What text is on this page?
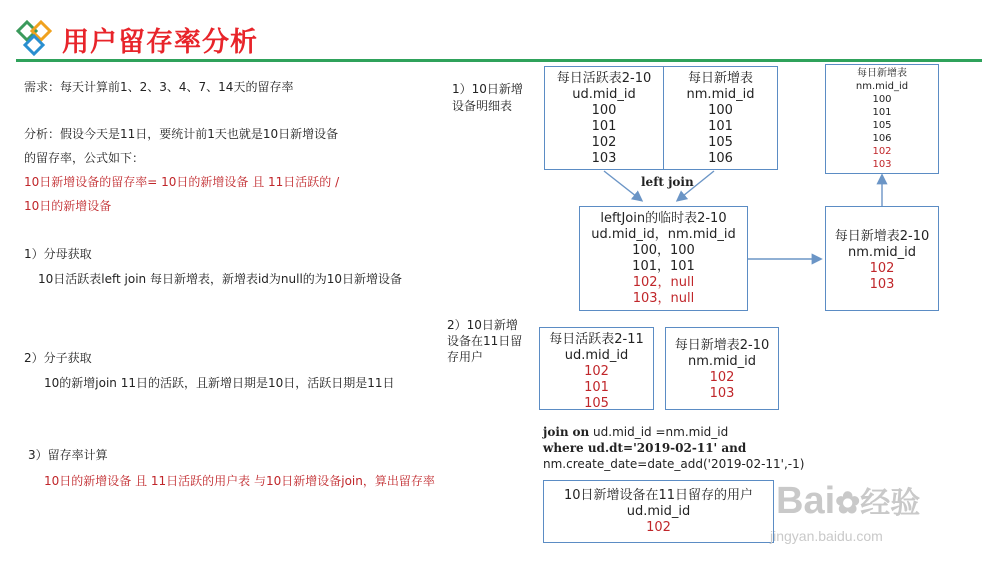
用户留存率分析
需求：每天计算前1、2、3、4、7、14天的留存率
分析：假设今天是11日，要统计前1天也就是10日新增设备
的留存率，公式如下：
10日新增设备的留存率= 10日的新增设备 且 11日活跃的 /
10日的新增设备
1）分母获取
10日活跃表left join 每日新增表，新增表id为null的为10日新增设备
2）分子获取
10的新增join 11日的活跃，且新增日期是10日，活跃日期是11日
3）留存率计算
10日的新增设备 且 11日活跃的用户表 与10日新增设备join，算出留存率
1）10日新增
设备明细表
2）10日新增
设备在11日留
存用户
left join
每日活跃表2-10
ud.mid_id
100
101
102
103
每日新增表
nm.mid_id
100
101
105
106
每日新增表
nm.mid_id
100
101
105
106
102
103
leftJoin的临时表2-10
ud.mid_id，nm.mid_id
100，100
101，101
102，null
103，null
每日新增表2-10
nm.mid_id
102
103
每日活跃表2-11
ud.mid_id
102
101
105
每日新增表2-10
nm.mid_id
102
103
join on ud.mid_id =nm.mid_id
where ud.dt='2019-02-11' and
nm.create_date=date_add('2019-02-11',-1)
10日新增设备在11日留存的用户
ud.mid_id
102
Bai✿经验
jingyan.baidu.com
